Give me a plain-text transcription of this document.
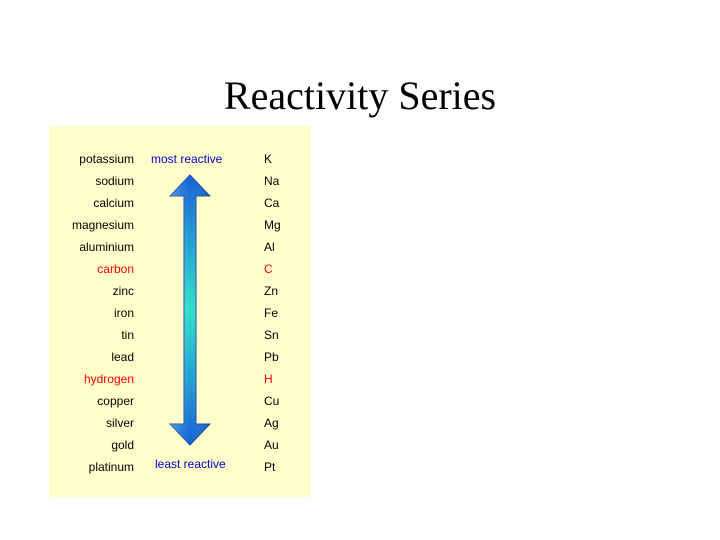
Reactivity Series
potassium	K
sodium	Na
calcium	Ca
magnesium	Mg
aluminium	Al
carbon	C
zinc	Zn
iron	Fe
tin	Sn
lead	Pb
hydrogen	H
copper	Cu
silver	Ag
gold	Au
platinum	Pt
most reactive
least reactive
